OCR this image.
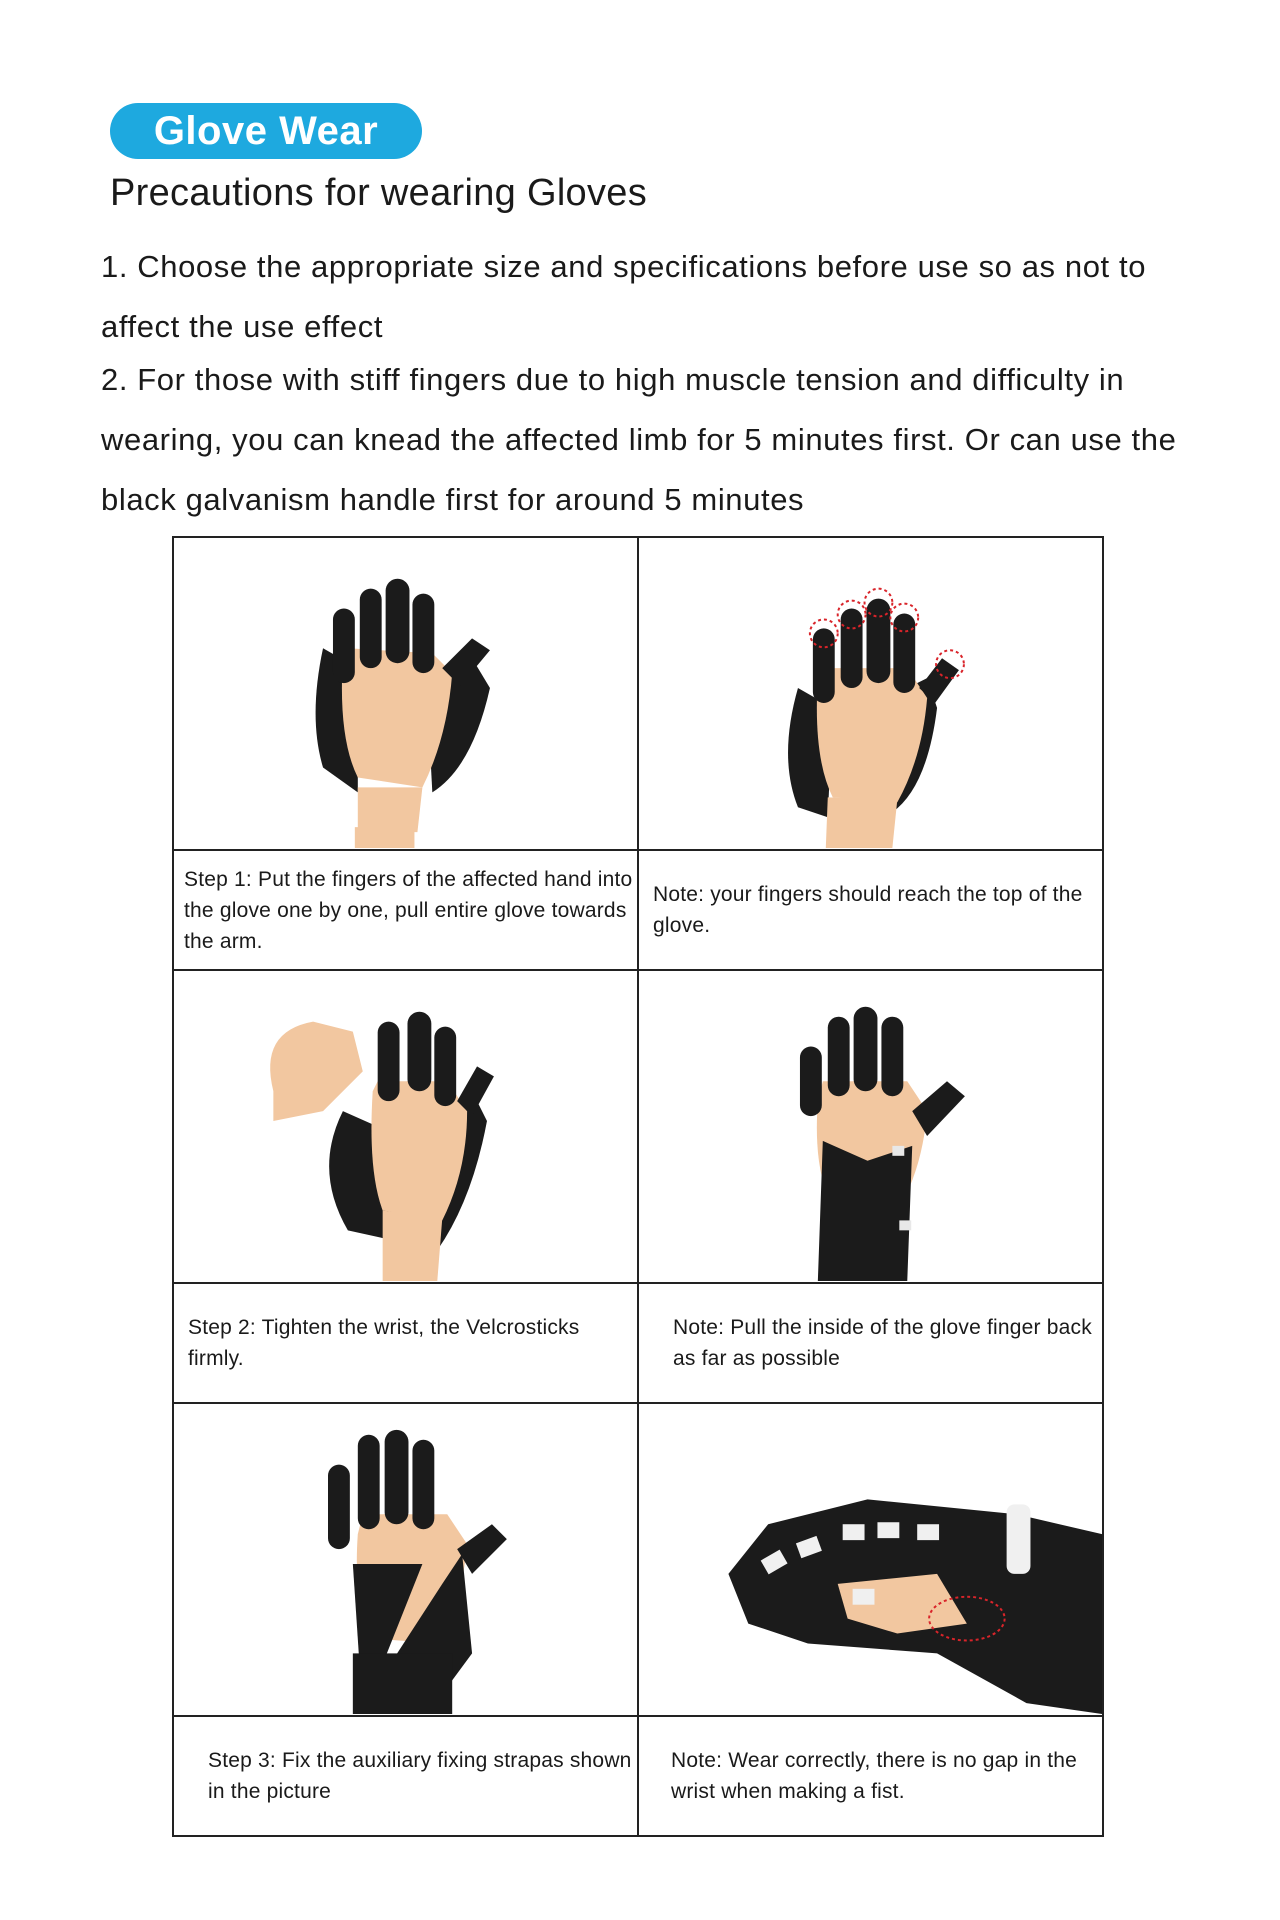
Glove Wear
Precautions for wearing Gloves

1. Choose the appropriate size and specifications before use so as not to affect the use effect

2. For those with stiff fingers due to high muscle tension and difficulty in wearing, you can knead the affected limb for 5 minutes first. Or can use the black galvanism handle first for around 5 minutes

Step 1: Put the fingers of the affected hand into the glove one by one, pull entire glove towards the arm.	Note: your fingers should reach the top of the glove.

Step 2: Tighten the wrist, the Velcrosticks firmly.	Note: Pull the inside of the glove finger back as far as possible

Step 3: Fix the auxiliary fixing strapas shown in the picture	Note: Wear correctly, there is no gap in the wrist when making a fist.
